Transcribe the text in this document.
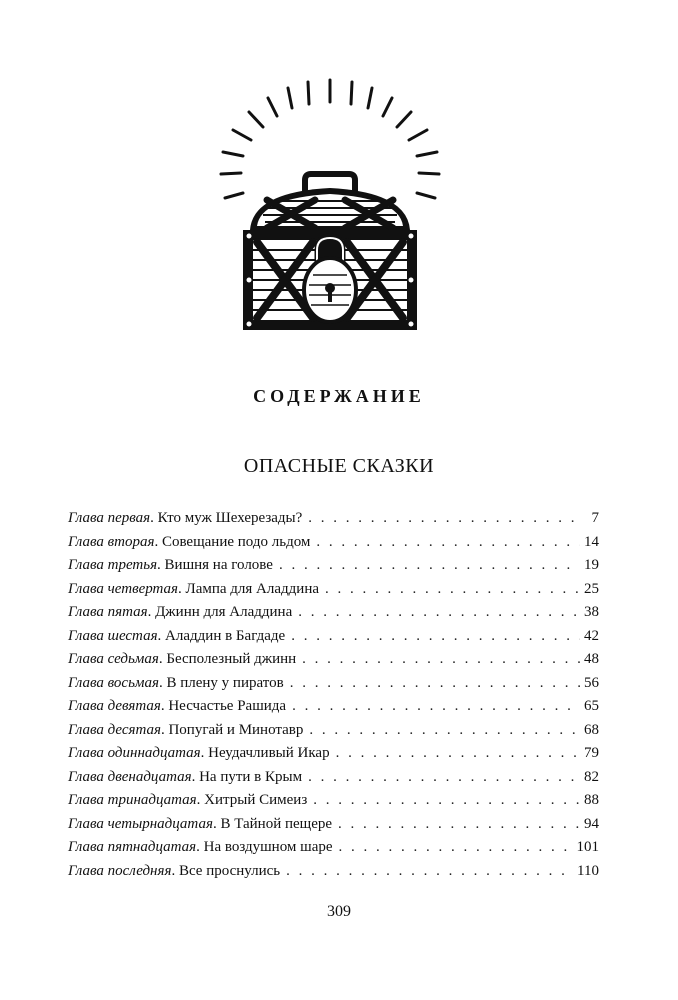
СОДЕРЖАНИЕ
ОПАСНЫЕ СКАЗКИ
Глава первая . Кто муж Шехерезады? . . .	7
Глава вторая . Совещание подо льдом . . .	14
Глава третья . Вишня на голове . . .	19
Глава четвертая . Лампа для Аладдина . . .	25
Глава пятая . Джинн для Аладдина . . .	38
Глава шестая . Аладдин в Багдаде . . .	42
Глава седьмая . Бесполезный джинн . . .	48
Глава восьмая . В плену у пиратов . . .	56
Глава девятая . Несчастье Рашида . . .	65
Глава десятая . Попугай и Минотавр . . .	68
Глава одиннадцатая . Неудачливый Икар . . .	79
Глава двенадцатая . На пути в Крым . . .	82
Глава тринадцатая . Хитрый Симеиз . . .	88
Глава четырнадцатая . В Тайной пещере . . .	94
Глава пятнадцатая . На воздушном шаре . . .	101
Глава последняя . Все проснулись . . .	110
309
